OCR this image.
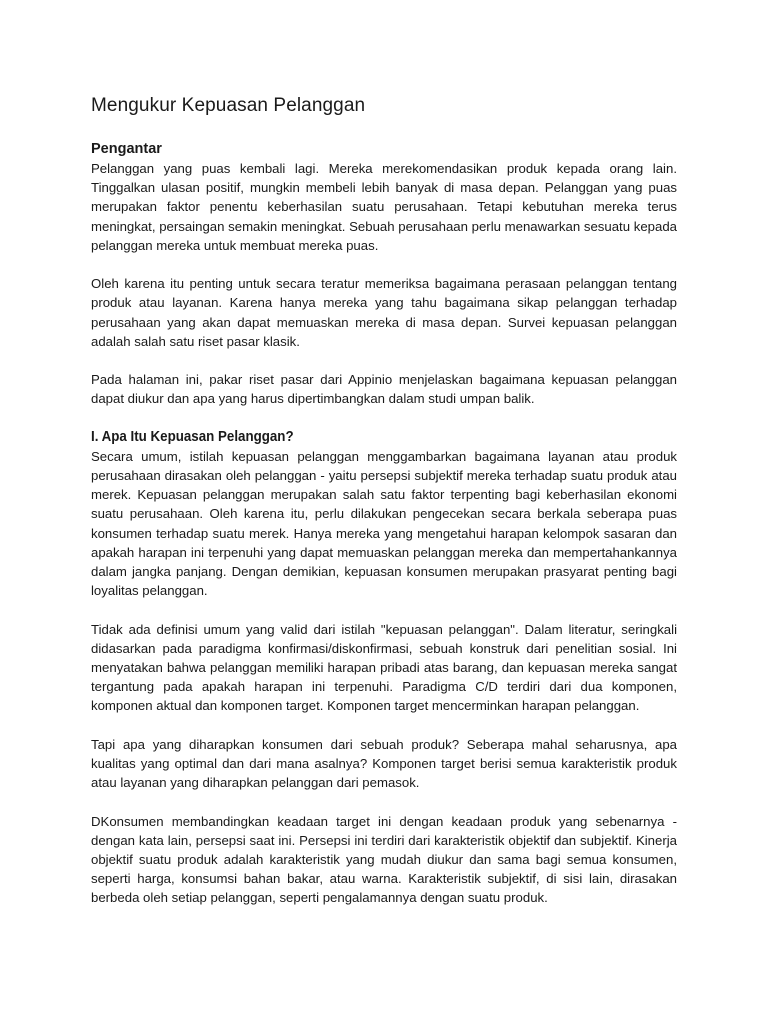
Mengukur Kepuasan Pelanggan
Pengantar

Pelanggan yang puas kembali lagi. Mereka merekomendasikan produk kepada orang lain. Tinggalkan ulasan positif, mungkin membeli lebih banyak di masa depan. Pelanggan yang puas merupakan faktor penentu keberhasilan suatu perusahaan. Tetapi kebutuhan mereka terus meningkat, persaingan semakin meningkat. Sebuah perusahaan perlu menawarkan sesuatu kepada pelanggan mereka untuk membuat mereka puas.

Oleh karena itu penting untuk secara teratur memeriksa bagaimana perasaan pelanggan tentang produk atau layanan. Karena hanya mereka yang tahu bagaimana sikap pelanggan terhadap perusahaan yang akan dapat memuaskan mereka di masa depan. Survei kepuasan pelanggan adalah salah satu riset pasar klasik.

Pada halaman ini, pakar riset pasar dari Appinio menjelaskan bagaimana kepuasan pelanggan dapat diukur dan apa yang harus dipertimbangkan dalam studi umpan balik.

I. Apa Itu Kepuasan Pelanggan?

Secara umum, istilah kepuasan pelanggan menggambarkan bagaimana layanan atau produk perusahaan dirasakan oleh pelanggan - yaitu persepsi subjektif mereka terhadap suatu produk atau merek. Kepuasan pelanggan merupakan salah satu faktor terpenting bagi keberhasilan ekonomi suatu perusahaan. Oleh karena itu, perlu dilakukan pengecekan secara berkala seberapa puas konsumen terhadap suatu merek. Hanya mereka yang mengetahui harapan kelompok sasaran dan apakah harapan ini terpenuhi yang dapat memuaskan pelanggan mereka dan mempertahankannya dalam jangka panjang. Dengan demikian, kepuasan konsumen merupakan prasyarat penting bagi loyalitas pelanggan.

Tidak ada definisi umum yang valid dari istilah "kepuasan pelanggan". Dalam literatur, seringkali didasarkan pada paradigma konfirmasi/diskonfirmasi, sebuah konstruk dari penelitian sosial. Ini menyatakan bahwa pelanggan memiliki harapan pribadi atas barang, dan kepuasan mereka sangat tergantung pada apakah harapan ini terpenuhi. Paradigma C/D terdiri dari dua komponen, komponen aktual dan komponen target. Komponen target mencerminkan harapan pelanggan.

Tapi apa yang diharapkan konsumen dari sebuah produk? Seberapa mahal seharusnya, apa kualitas yang optimal dan dari mana asalnya? Komponen target berisi semua karakteristik produk atau layanan yang diharapkan pelanggan dari pemasok.

DKonsumen membandingkan keadaan target ini dengan keadaan produk yang sebenarnya - dengan kata lain, persepsi saat ini. Persepsi ini terdiri dari karakteristik objektif dan subjektif. Kinerja objektif suatu produk adalah karakteristik yang mudah diukur dan sama bagi semua konsumen, seperti harga, konsumsi bahan bakar, atau warna. Karakteristik subjektif, di sisi lain, dirasakan berbeda oleh setiap pelanggan, seperti pengalamannya dengan suatu produk.
